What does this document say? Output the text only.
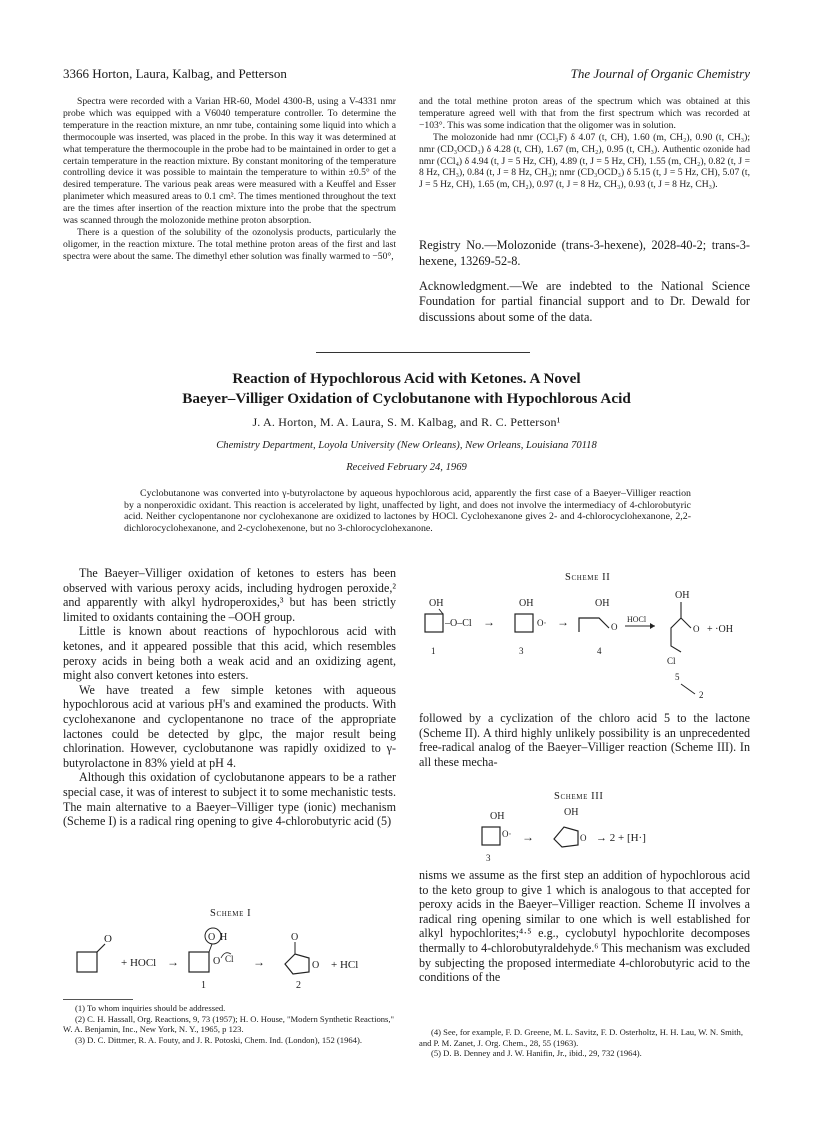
3366 Horton, Laura, Kalbag, and Petterson	The Journal of Organic Chemistry

Spectra were recorded with a Varian HR-60, Model 4300-B, using a V-4331 nmr probe which was equipped with a V6040 temperature controller. To determine the temperature in the reaction mixture, an nmr tube, containing some liquid into which a thermocouple was inserted, was placed in the probe. In this way it was determined at what temperature the thermocouple in the probe had to be maintained in order to get a certain temperature in the reaction mixture. By constant monitoring of the temperature controlling device it was possible to maintain the temperature to within ±0.5° of the desired temperature. The various peak areas were measured with a Keuffel and Esser planimeter which measured areas to 0.1 cm². The times mentioned throughout the text are the times after insertion of the reaction mixture into the probe that the spectrum was scanned through the molozonide methine proton absorption.

There is a question of the solubility of the ozonolysis products, particularly the oligomer, in the reaction mixture. The total methine proton areas of the first and last spectra were about the same. The dimethyl ether solution was finally warmed to −50°,

and the total methine proton areas of the spectrum which was obtained at this temperature agreed well with that from the first spectrum which was recorded at −103°. This was some indication that the oligomer was in solution.

The molozonide had nmr (CCl₃F) δ 4.07 (t, CH), 1.60 (m, CH₂), 0.90 (t, CH₃); nmr (CD₃OCD₃) δ 4.28 (t, CH), 1.67 (m, CH₂), 0.95 (t, CH₃). Authentic ozonide had nmr (CCl₄) δ 4.94 (t, J = 5 Hz, CH), 4.89 (t, J = 5 Hz, CH), 1.55 (m, CH₂), 0.82 (t, J = 8 Hz, CH₃), 0.84 (t, J = 8 Hz, CH₃); nmr (CD₃OCD₃) δ 5.15 (t, J = 5 Hz, CH), 5.07 (t, J = 5 Hz, CH), 1.65 (m, CH₂), 0.97 (t, J = 8 Hz, CH₃), 0.93 (t, J = 8 Hz, CH₃).

Registry No.—Molozonide (trans-3-hexene), 2028-40-2; trans-3-hexene, 13269-52-8.

Acknowledgment.—We are indebted to the National Science Foundation for partial financial support and to Dr. Dewald for discussions about some of the data.

Reaction of Hypochlorous Acid with Ketones. A Novel
Baeyer–Villiger Oxidation of Cyclobutanone with Hypochlorous Acid
J. A. Horton, M. A. Laura, S. M. Kalbag, and R. C. Petterson¹
Chemistry Department, Loyola University (New Orleans), New Orleans, Louisiana 70118
Received February 24, 1969
Cyclobutanone was converted into γ-butyrolactone by aqueous hypochlorous acid, apparently the first case of a Baeyer–Villiger reaction by a nonperoxidic oxidant. This reaction is accelerated by light, unaffected by light, and does not involve the intermediacy of 4-chlorobutyric acid. Neither cyclopentanone nor cyclohexanone are oxidized to lactones by HOCl. Cyclohexanone gives 2- and 4-chlorocyclohexanone, 2,2-dichlorocyclohexanone, and 2-cyclohexenone, but no 3-chlorocyclohexanone.

The Baeyer–Villiger oxidation of ketones to esters has been observed with various peroxy acids, including hydrogen peroxide,² and apparently with alkyl hydroperoxides,³ but has been strictly limited to oxidants containing the –OOH group.

Little is known about reactions of hypochlorous acid with ketones, and it appeared possible that this acid, which resembles peroxy acids in being both a weak acid and an oxidizing agent, might also convert ketones into esters.

We have treated a few simple ketones with aqueous hypochlorous acid at various pH's and examined the products. With cyclohexanone and cyclopentanone no trace of the appropriate lactones could be detected by glpc, the major result being chlorination. However, cyclobutanone was rapidly oxidized to γ-butyrolactone in 83% yield at pH 4.

Although this oxidation of cyclobutanone appears to be a rather special case, it was of interest to subject it to some mechanistic tests. The main alternative to a Baeyer–Villiger type (ionic) mechanism (Scheme I) is a radical ring opening to give 4-chlorobutyric acid (5)

Scheme I
O
+ HOCl →
O H
O Cl
1
→
O
O + HCl
2

followed by a cyclization of the chloro acid 5 to the lactone (Scheme II). A third highly unlikely possibility is an unprecedented free-radical analog of the Baeyer–Villiger reaction (Scheme III). In all these mecha-

Scheme II
OH
–O–Cl
1
→
OH
O·
3
→
OH
O
4
HOCl
OH
O + ·OH
Cl
5
2
Scheme III
OH
O·
3
→
OH
O → 2 + [H·]

nisms we assume as the first step an addition of hypochlorous acid to the keto group to give 1 which is analogous to that accepted for peroxy acids in the Baeyer–Villiger reaction. Scheme II involves a radical ring opening similar to one which is well established for alkyl hypochlorites;⁴·⁵ e.g., cyclobutyl hypochlorite decomposes thermally to 4-chlorobutyraldehyde.⁶ This mechanism was excluded by subjecting the proposed intermediate 4-chlorobutyric acid to the conditions of the

(1) To whom inquiries should be addressed.

(2) C. H. Hassall, Org. Reactions, 9, 73 (1957); H. O. House, "Modern Synthetic Reactions," W. A. Benjamin, Inc., New York, N. Y., 1965, p 123.

(3) D. C. Dittmer, R. A. Fouty, and J. R. Potoski, Chem. Ind. (London), 152 (1964).

(4) See, for example, F. D. Greene, M. L. Savitz, F. D. Osterholtz, H. H. Lau, W. N. Smith, and P. M. Zanet, J. Org. Chem., 28, 55 (1963).

(5) D. B. Denney and J. W. Hanifin, Jr., ibid., 29, 732 (1964).
